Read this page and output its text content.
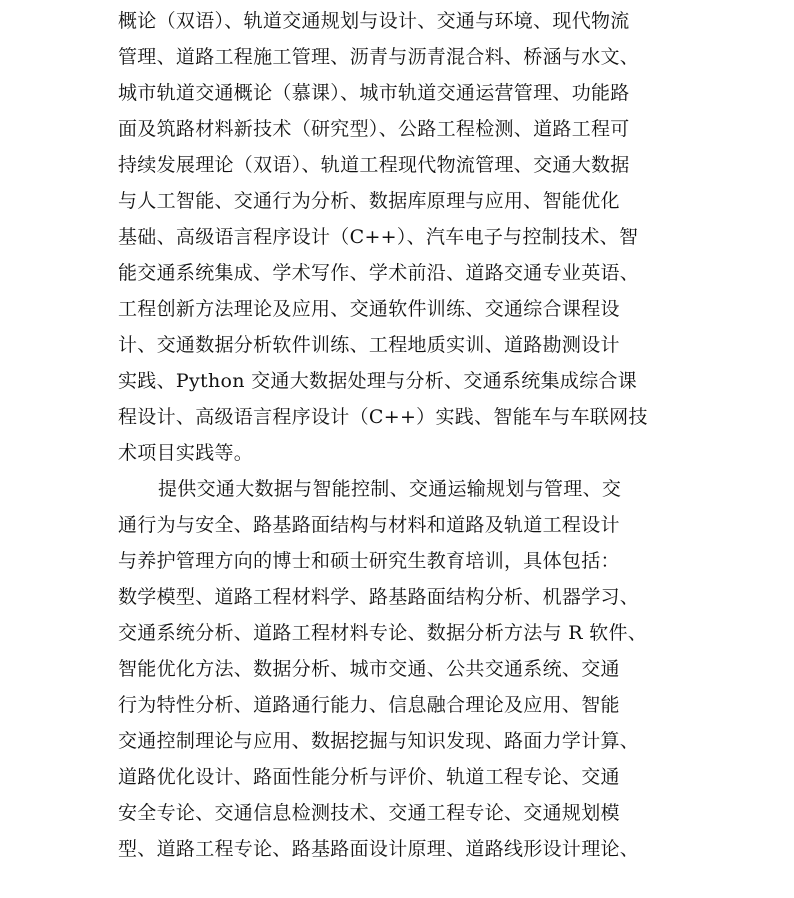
概论（双语）、轨道交通规划与设计、交通与环境、现代物流
管理、道路工程施工管理、沥青与沥青混合料、桥涵与水文、
城市轨道交通概论（慕课）、城市轨道交通运营管理、功能路
面及筑路材料新技术（研究型）、公路工程检测、道路工程可
持续发展理论（双语）、轨道工程现代物流管理、交通大数据
与人工智能、交通行为分析、数据库原理与应用、智能优化
基础、高级语言程序设计（C++）、汽车电子与控制技术、智
能交通系统集成、学术写作、学术前沿、道路交通专业英语、
工程创新方法理论及应用、交通软件训练、交通综合课程设
计、交通数据分析软件训练、工程地质实训、道路勘测设计
实践、Python 交通大数据处理与分析、交通系统集成综合课
程设计、高级语言程序设计（C++）实践、智能车与车联网技
术项目实践等。
提供交通大数据与智能控制、交通运输规划与管理、交
通行为与安全、路基路面结构与材料和道路及轨道工程设计
与养护管理方向的博士和硕士研究生教育培训，具体包括：
数学模型、道路工程材料学、路基路面结构分析、机器学习、
交通系统分析、道路工程材料专论、数据分析方法与 R 软件、
智能优化方法、数据分析、城市交通、公共交通系统、交通
行为特性分析、道路通行能力、信息融合理论及应用、智能
交通控制理论与应用、数据挖掘与知识发现、路面力学计算、
道路优化设计、路面性能分析与评价、轨道工程专论、交通
安全专论、交通信息检测技术、交通工程专论、交通规划模
型、道路工程专论、路基路面设计原理、道路线形设计理论、
